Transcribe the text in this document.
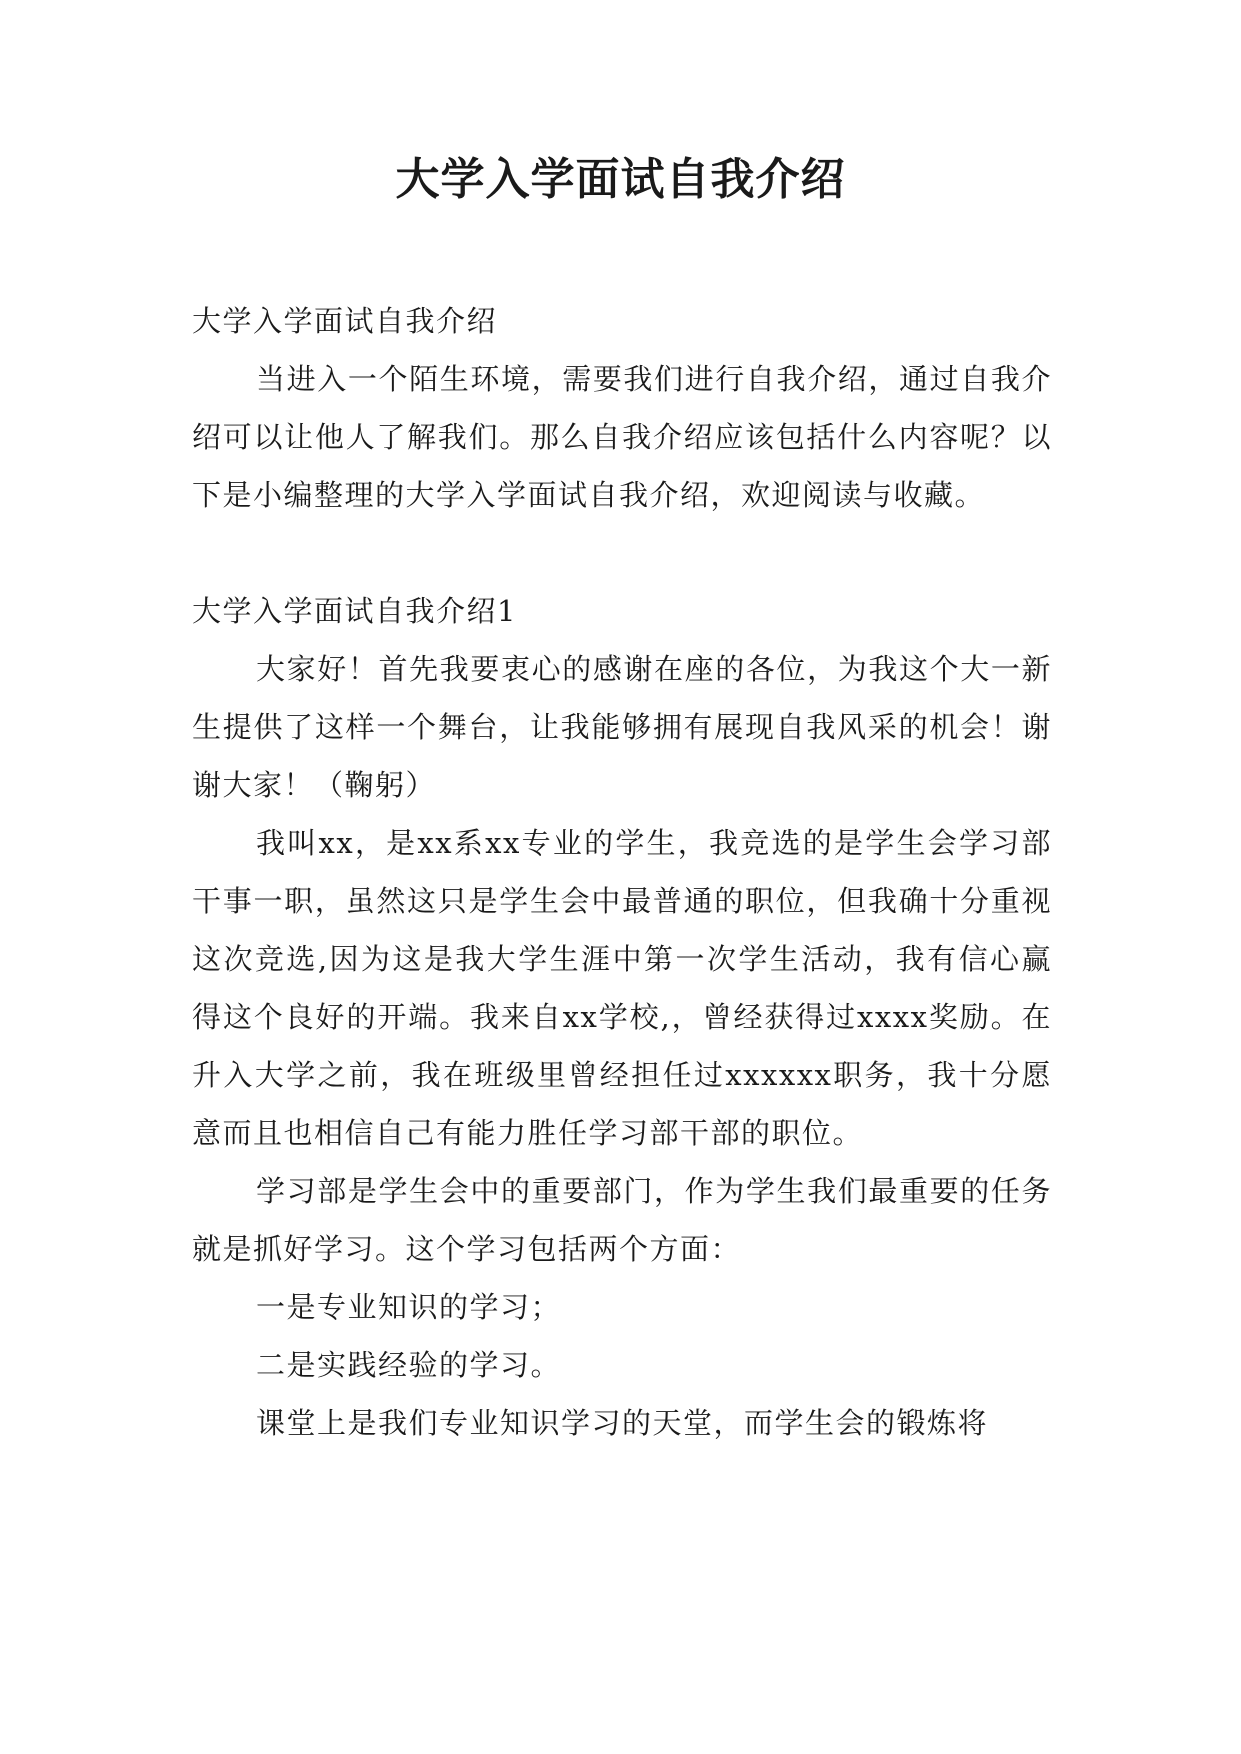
大学入学面试自我介绍

大学入学面试自我介绍

当进入一个陌生环境，需要我们进行自我介绍，通过自我介绍可以让他人了解我们。那么自我介绍应该包括什么内容呢？以下是小编整理的大学入学面试自我介绍，欢迎阅读与收藏。

大学入学面试自我介绍1

大家好！首先我要衷心的感谢在座的各位，为我这个大一新生提供了这样一个舞台，让我能够拥有展现自我风采的机会！谢谢大家！（鞠躬）

我叫xx，是xx系xx专业的学生，我竞选的是学生会学习部干事一职，虽然这只是学生会中最普通的职位，但我确十分重视这次竞选,因为这是我大学生涯中第一次学生活动，我有信心赢得这个良好的开端。我来自xx学校,，曾经获得过xxxx奖励。在升入大学之前，我在班级里曾经担任过xxxxxx职务，我十分愿意而且也相信自己有能力胜任学习部干部的职位。

学习部是学生会中的重要部门，作为学生我们最重要的任务就是抓好学习。这个学习包括两个方面：

一是专业知识的学习；

二是实践经验的学习。

课堂上是我们专业知识学习的天堂，而学生会的锻炼将
